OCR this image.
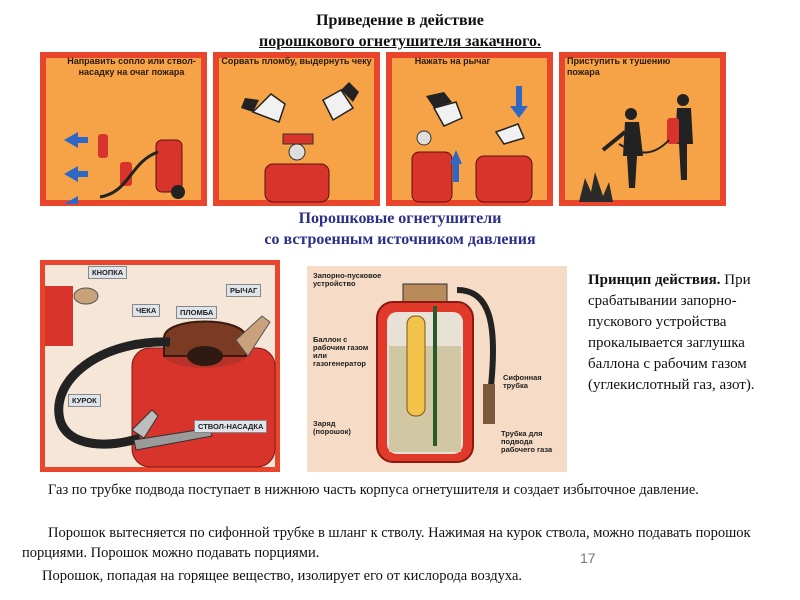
Приведение в действие
порошкового огнетушителя закачного.
Направить сопло или ствол-насадку на очаг пожара
Сорвать пломбу, выдернуть чеку	Нажать на рычаг	Приступить к тушению пожара
Порошковые огнетушители
со встроенным источником давления
КНОПКА
ЧЕКА
РЫЧАГ
ПЛОМБА
КУРОК
СТВОЛ-НАСАДКА
Запорно-пусковое устройство
Баллон с рабочим газом или газогенератор
Заряд (порошок)
Сифонная трубка
Трубка для подвода рабочего газа
Принцип действия. При срабатывании запорно-пускового устройства прокалывается заглушка баллона с рабочим газом (углекислотный газ, азот).
Газ по трубке подвода поступает в нижнюю часть корпуса огнетушителя и создает избыточное давление.
Порошок вытесняется по сифонной трубке в шланг к стволу. Нажимая на курок ствола, можно подавать порошок порциями. Порошок можно подавать порциями.
Порошок, попадая на горящее вещество, изолирует его от кислорода воздуха.
17
